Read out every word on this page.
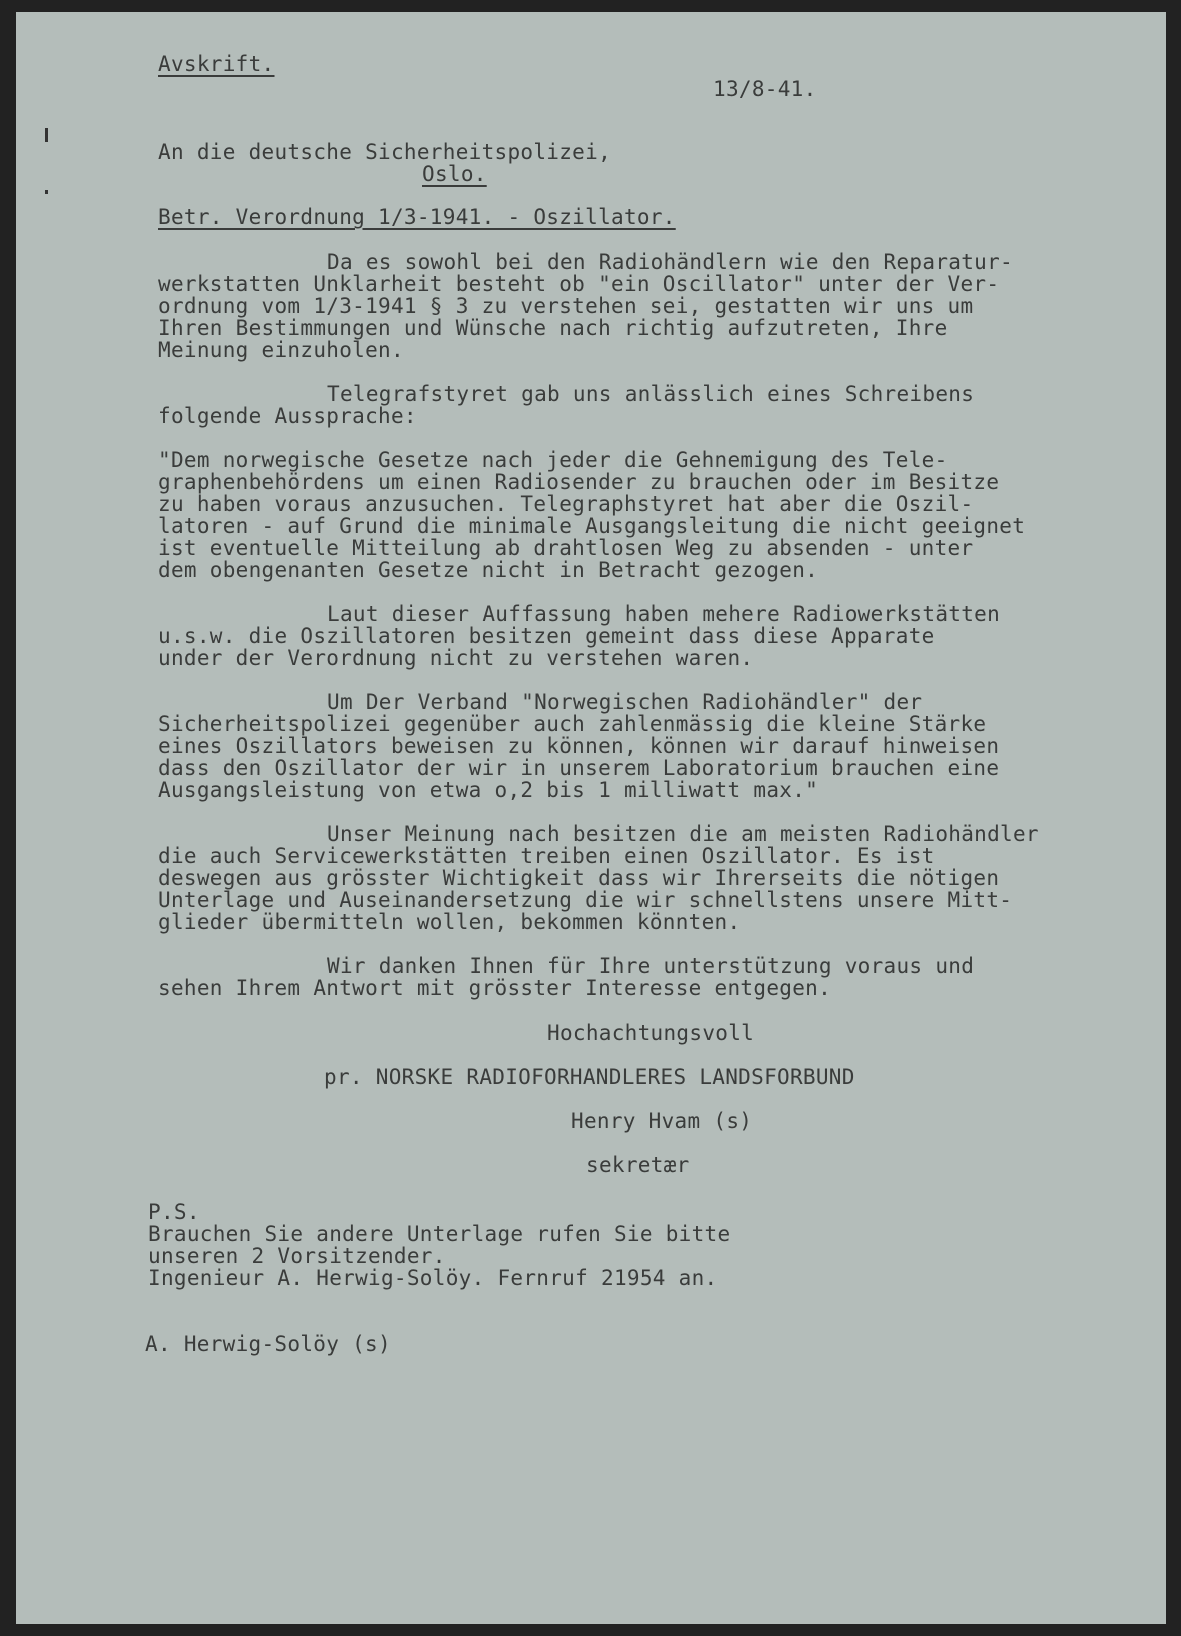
Avskrift.
13/8-41.
An die deutsche Sicherheitspolizei,
Oslo.
Betr. Verordnung 1/3-1941. - Oszillator.
Da es sowohl bei den Radiohändlern wie den Reparatur-
werkstatten Unklarheit besteht ob "ein Oscillator" unter der Ver-
ordnung vom 1/3-1941 § 3 zu verstehen sei, gestatten wir uns um
Ihren Bestimmungen und Wünsche nach richtig aufzutreten, Ihre
Meinung einzuholen.
Telegrafstyret gab uns anlässlich eines Schreibens
folgende Aussprache:
"Dem norwegische Gesetze nach jeder die Gehnemigung des Tele-
graphenbehördens um einen Radiosender zu brauchen oder im Besitze
zu haben voraus anzusuchen. Telegraphstyret hat aber die Oszil-
latoren - auf Grund die minimale Ausgangsleitung die nicht geeignet
ist eventuelle Mitteilung ab drahtlosen Weg zu absenden - unter
dem obengenanten Gesetze nicht in Betracht gezogen.
Laut dieser Auffassung haben mehere Radiowerkstätten
u.s.w. die Oszillatoren besitzen gemeint dass diese Apparate
under der Verordnung nicht zu verstehen waren.
Um Der Verband "Norwegischen Radiohändler" der
Sicherheitspolizei gegenüber auch zahlenmässig die kleine Stärke
eines Oszillators beweisen zu können, können wir darauf hinweisen
dass den Oszillator der wir in unserem Laboratorium brauchen eine
Ausgangsleistung von etwa o,2 bis 1 milliwatt max."
Unser Meinung nach besitzen die am meisten Radiohändler
die auch Servicewerkstätten treiben einen Oszillator. Es ist
deswegen aus grösster Wichtigkeit dass wir Ihrerseits die nötigen
Unterlage und Auseinandersetzung die wir schnellstens unsere Mitt-
glieder übermitteln wollen, bekommen könnten.
Wir danken Ihnen für Ihre unterstützung voraus und
sehen Ihrem Antwort mit grösster Interesse entgegen.
Hochachtungsvoll
pr. NORSKE RADIOFORHANDLERES LANDSFORBUND
Henry Hvam (s)
sekretær
P.S.
Brauchen Sie andere Unterlage rufen Sie bitte
unseren 2 Vorsitzender.
Ingenieur A. Herwig-Solöy. Fernruf 21954 an.
A. Herwig-Solöy (s)
